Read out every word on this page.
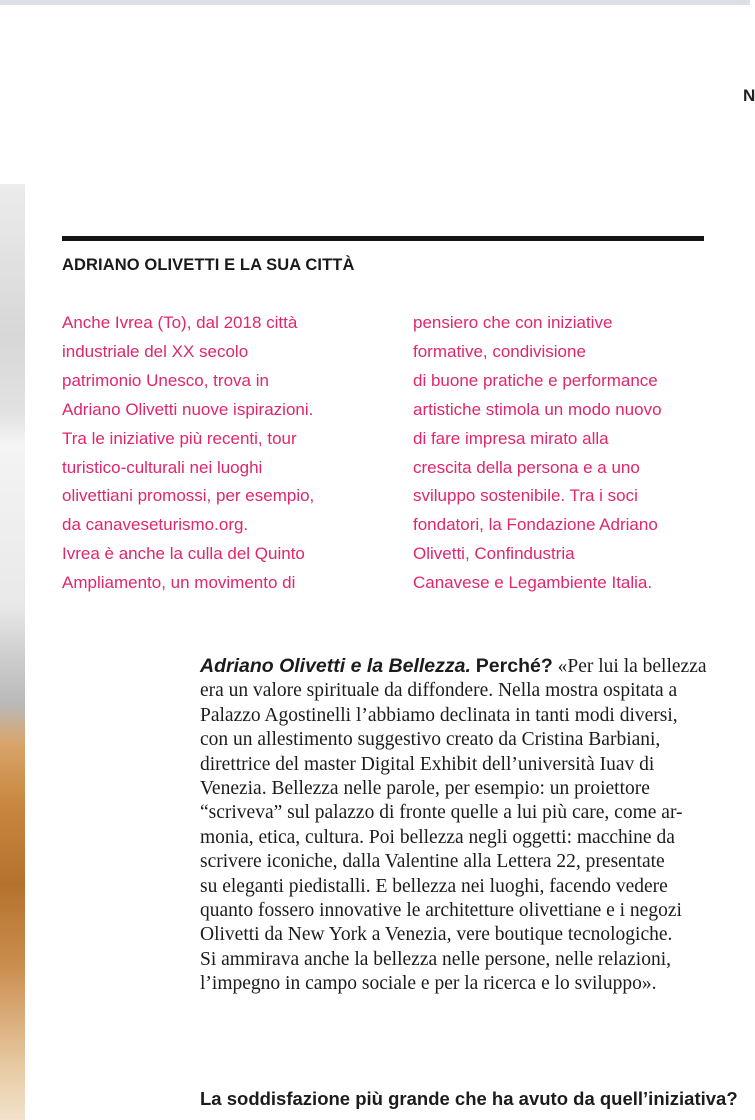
N
ADRIANO OLIVETTI E LA SUA CITTÀ
Anche Ivrea (To), dal 2018 città
industriale del XX secolo
patrimonio Unesco, trova in
Adriano Olivetti nuove ispirazioni.
Tra le iniziative più recenti, tour
turistico-culturali nei luoghi
olivettiani promossi, per esempio,
da canaveseturismo.org.
Ivrea è anche la culla del Quinto
Ampliamento, un movimento di
pensiero che con iniziative
formative, condivisione
di buone pratiche e performance
artistiche stimola un modo nuovo
di fare impresa mirato alla
crescita della persona e a uno
sviluppo sostenibile. Tra i soci
fondatori, la Fondazione Adriano
Olivetti, Confindustria
Canavese e Legambiente Italia.
Adriano Olivetti e la Bellezza. Perché? «Per lui la bellezza
era un valore spirituale da diffondere. Nella mostra ospitata a
Palazzo Agostinelli l’abbiamo declinata in tanti modi diversi,
con un allestimento suggestivo creato da Cristina Barbiani,
direttrice del master Digital Exhibit dell’università Iuav di
Venezia. Bellezza nelle parole, per esempio: un proiettore
“scriveva” sul palazzo di fronte quelle a lui più care, come ar-
monia, etica, cultura. Poi bellezza negli oggetti: macchine da
scrivere iconiche, dalla Valentine alla Lettera 22, presentate
su eleganti piedistalli. E bellezza nei luoghi, facendo vedere
quanto fossero innovative le architetture olivettiane e i negozi
Olivetti da New York a Venezia, vere boutique tecnologiche.
Si ammirava anche la bellezza nelle persone, nelle relazioni,
l’impegno in campo sociale e per la ricerca e lo sviluppo».
La soddisfazione più grande che ha avuto da quell’iniziativa?
